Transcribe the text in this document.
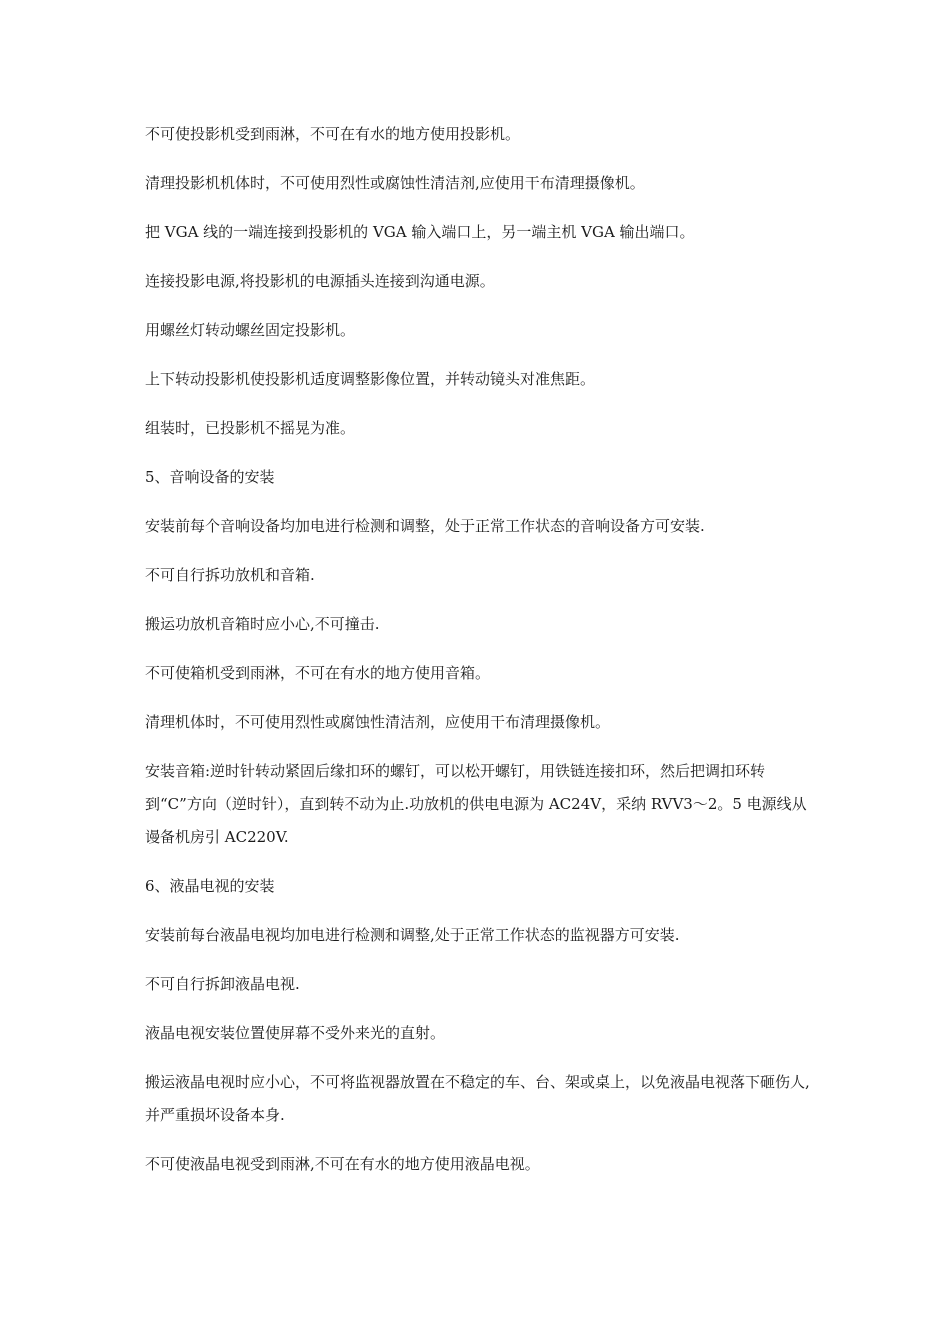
不可使投影机受到雨淋，不可在有水的地方使用投影机。

清理投影机机体时，不可使用烈性或腐蚀性清洁剂,应使用干布清理摄像机。

把 VGA 线的一端连接到投影机的 VGA 输入端口上，另一端主机 VGA 输出端口。

连接投影电源,将投影机的电源插头连接到沟通电源。

用螺丝灯转动螺丝固定投影机。

上下转动投影机使投影机适度调整影像位置，并转动镜头对准焦距。

组装时，已投影机不摇晃为准。

5、音响设备的安装

安装前每个音响设备均加电进行检测和调整，处于正常工作状态的音响设备方可安装.

不可自行拆功放机和音箱.

搬运功放机音箱时应小心,不可撞击.

不可使箱机受到雨淋，不可在有水的地方使用音箱。

清理机体时，不可使用烈性或腐蚀性清洁剂，应使用干布清理摄像机。

安装音箱:逆时针转动紧固后缘扣环的螺钉，可以松开螺钉，用铁链连接扣环，然后把调扣环转到“C”方向（逆时针），直到转不动为止.功放机的供电电源为 AC24V，采纳 RVV3～2。5 电源线从谩备机房引 AC220V.

6、液晶电视的安装

安装前每台液晶电视均加电进行检测和调整,处于正常工作状态的监视器方可安装.

不可自行拆卸液晶电视.

液晶电视安装位置使屏幕不受外来光的直射。

搬运液晶电视时应小心，不可将监视器放置在不稳定的车、台、架或桌上，以免液晶电视落下砸伤人,并严重损坏设备本身.

不可使液晶电视受到雨淋,不可在有水的地方使用液晶电视。
